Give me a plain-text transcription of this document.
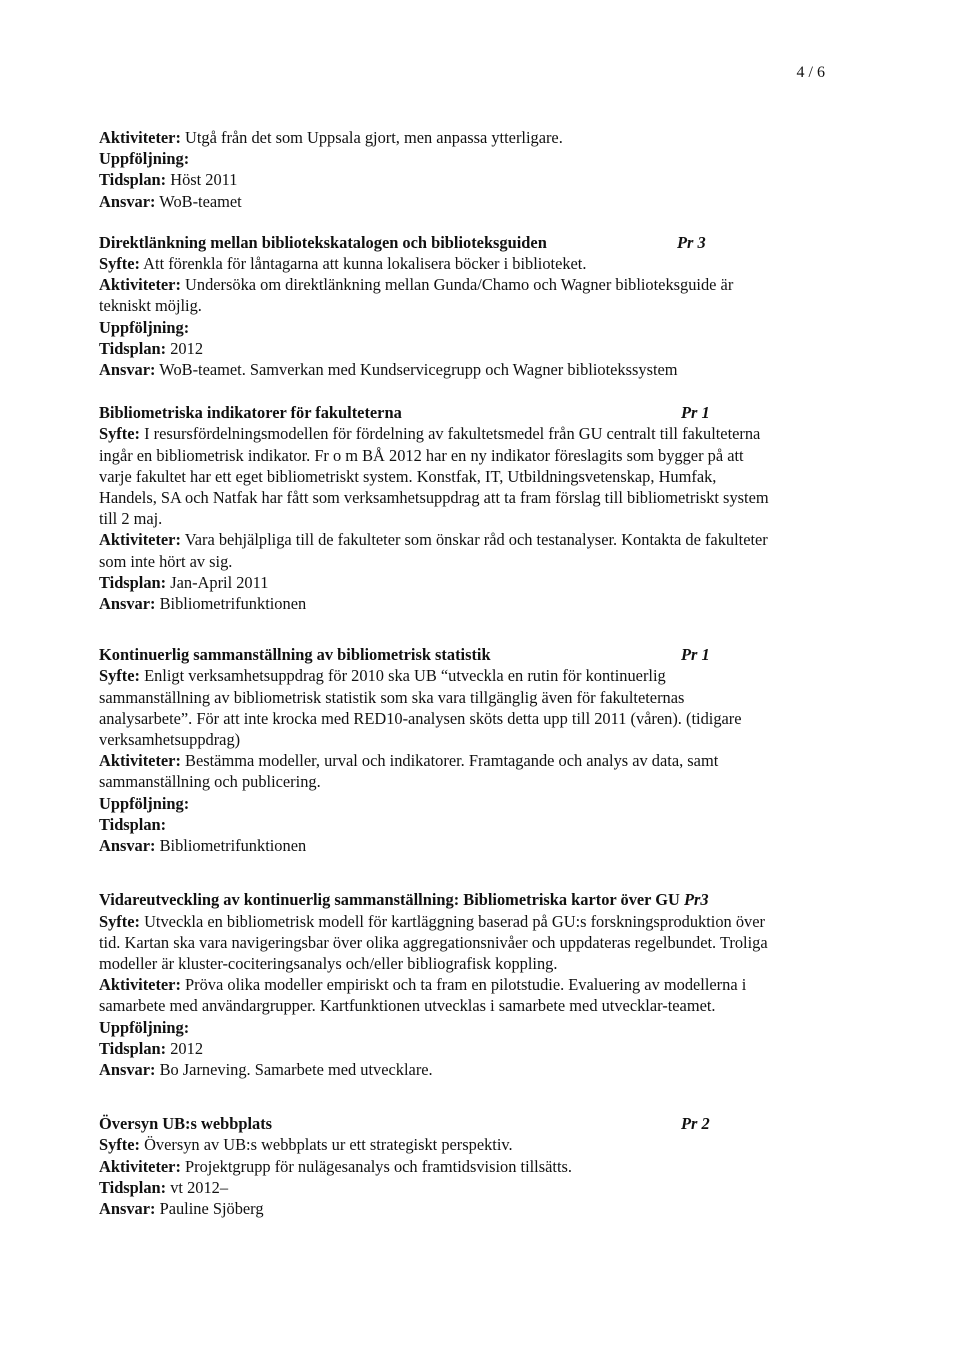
4 / 6
Aktiviteter: Utgå från det som Uppsala gjort, men anpassa ytterligare.
Uppföljning:
Tidsplan: Höst 2011
Ansvar: WoB-teamet
Direktlänkning mellan bibliotekskatalogen och biblioteksguiden	Pr 3
Syfte: Att förenkla för låntagarna att kunna lokalisera böcker i biblioteket.
Aktiviteter: Undersöka om direktlänkning mellan Gunda/Chamo och Wagner biblioteksguide är
tekniskt möjlig.
Uppföljning:
Tidsplan: 2012
Ansvar: WoB-teamet. Samverkan med Kundservicegrupp och Wagner bibliotekssystem
Bibliometriska indikatorer för fakulteterna	Pr 1
Syfte: I resursfördelningsmodellen för fördelning av fakultetsmedel från GU centralt till fakulteterna
ingår en bibliometrisk indikator. Fr o m BÅ 2012 har en ny indikator föreslagits som bygger på att
varje fakultet har ett eget bibliometriskt system. Konstfak, IT, Utbildningsvetenskap, Humfak,
Handels, SA och Natfak har fått som verksamhetsuppdrag att ta fram förslag till bibliometriskt system
till 2 maj.
Aktiviteter: Vara behjälpliga till de fakulteter som önskar råd och testanalyser. Kontakta de fakulteter
som inte hört av sig.
Tidsplan: Jan-April 2011
Ansvar: Bibliometrifunktionen
Kontinuerlig sammanställning av bibliometrisk statistik	Pr 1
Syfte: Enligt verksamhetsuppdrag för 2010 ska UB “utveckla en rutin för kontinuerlig
sammanställning av bibliometrisk statistik som ska vara tillgänglig även för fakulteternas
analysarbete”. För att inte krocka med RED10-analysen sköts detta upp till 2011 (våren). (tidigare
verksamhetsuppdrag)
Aktiviteter: Bestämma modeller, urval och indikatorer. Framtagande och analys av data, samt
sammanställning och publicering.
Uppföljning:
Tidsplan:
Ansvar: Bibliometrifunktionen
Vidareutveckling av kontinuerlig sammanställning: Bibliometriska kartor över GU Pr3
Syfte: Utveckla en bibliometrisk modell för kartläggning baserad på GU:s forskningsproduktion över
tid. Kartan ska vara navigeringsbar över olika aggregationsnivåer och uppdateras regelbundet. Troliga
modeller är kluster-cociteringsanalys och/eller bibliografisk koppling.
Aktiviteter: Pröva olika modeller empiriskt och ta fram en pilotstudie. Evaluering av modellerna i
samarbete med användargrupper. Kartfunktionen utvecklas i samarbete med utvecklar-teamet.
Uppföljning:
Tidsplan: 2012
Ansvar: Bo Jarneving. Samarbete med utvecklare.
Översyn UB:s webbplats	Pr 2
Syfte: Översyn av UB:s webbplats ur ett strategiskt perspektiv.
Aktiviteter: Projektgrupp för nulägesanalys och framtidsvision tillsätts.
Tidsplan: vt 2012–
Ansvar: Pauline Sjöberg
